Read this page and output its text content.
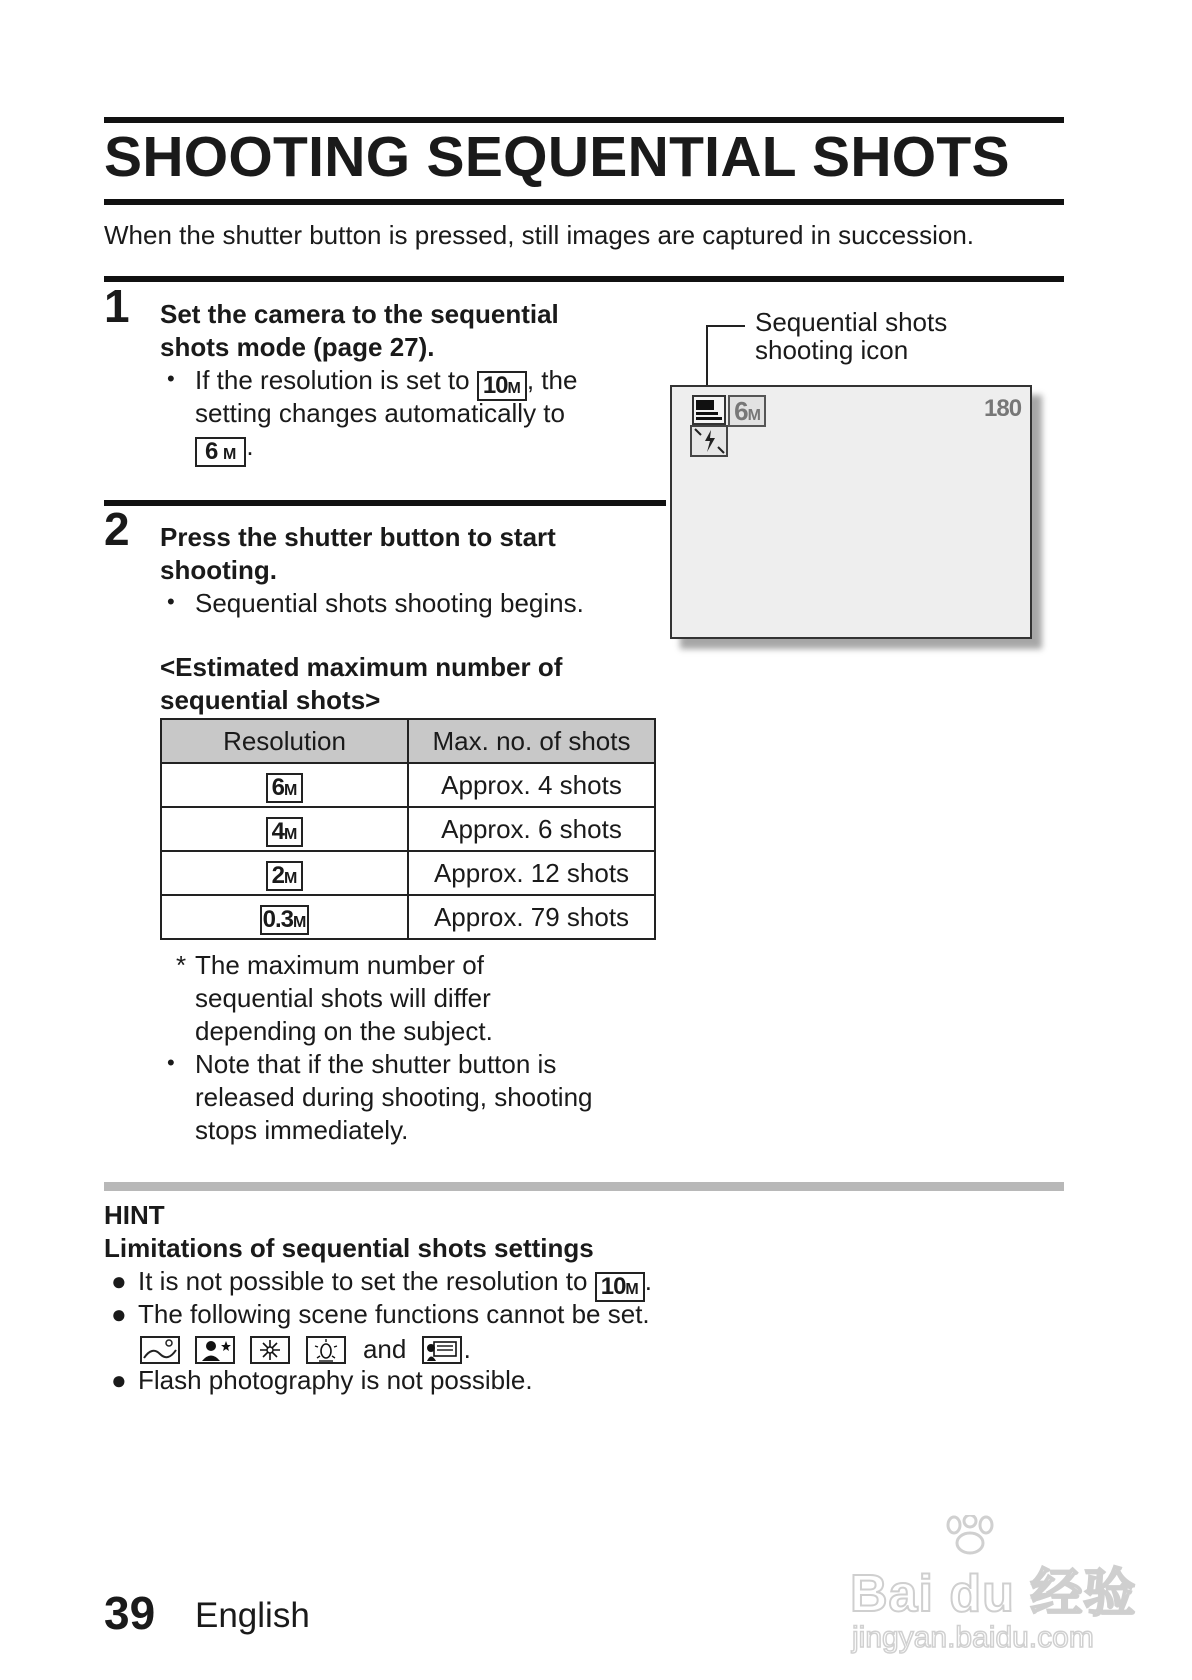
SHOOTING SEQUENTIAL SHOTS
When the shutter button is pressed, still images are captured in succession.
1 Set the camera to the sequential
shots mode (page 27).
• If the resolution is set to 10M , the
setting changes automatically to
6 M .
2 Press the shutter button to start
shooting.
• Sequential shots shooting begins.
<Estimated maximum number of
sequential shots>
Resolution	Max. no. of shots
6M	Approx. 4 shots
4M	Approx. 6 shots
2M	Approx. 12 shots
0.3M	Approx. 79 shots
* The maximum number of
sequential shots will differ
depending on the subject.
• Note that if the shutter button is
released during shooting, shooting
stops immediately.
Sequential shots
shooting icon
6M	180
HINT
Limitations of sequential shots settings
● It is not possible to set the resolution to 10M .
● The following scene functions cannot be set.
and .
● Flash photography is not possible.
39 English	Bai du 经验
jingyan.baidu.com
